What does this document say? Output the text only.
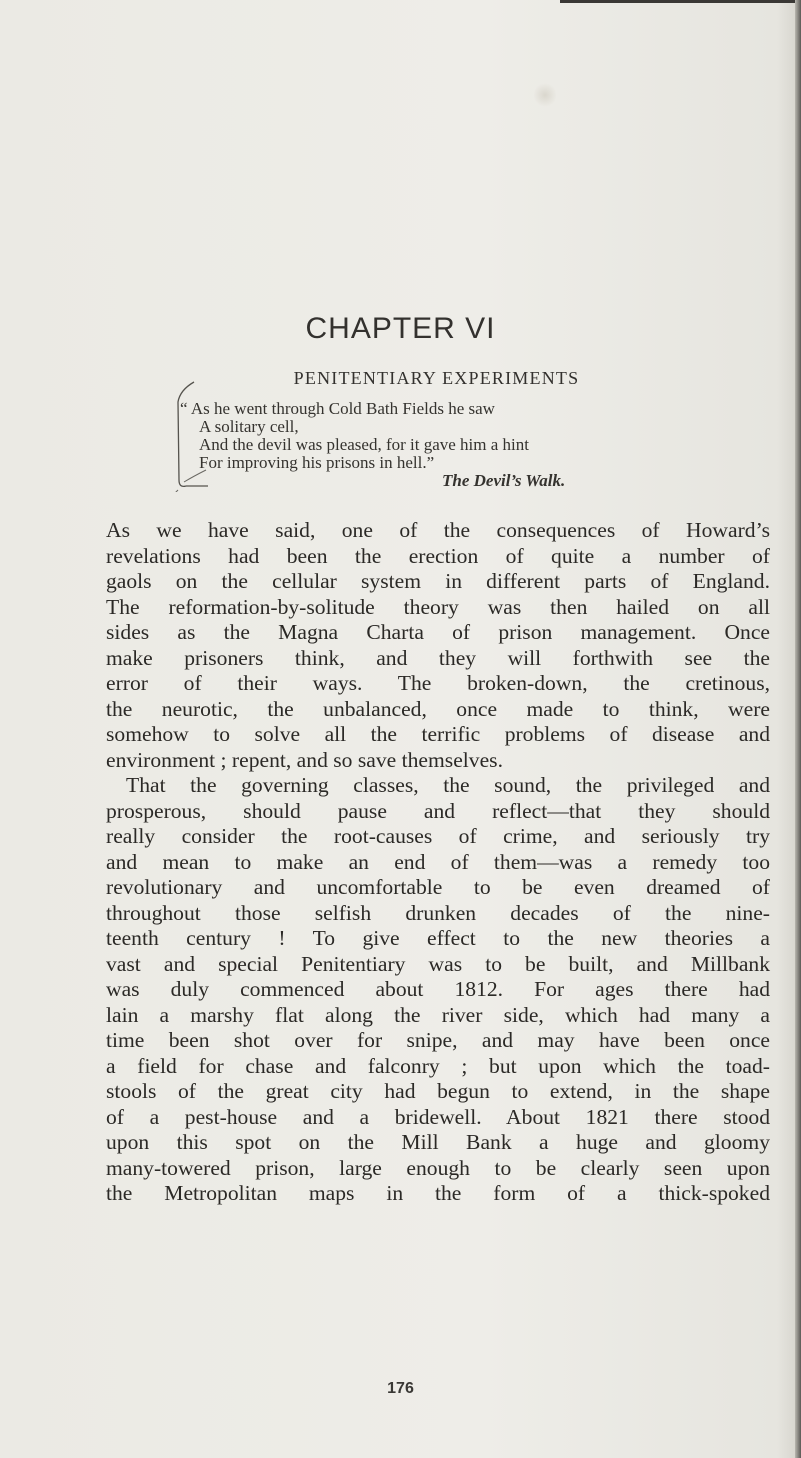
CHAPTER VI
PENITENTIARY EXPERIMENTS
“ As he went through Cold Bath Fields he saw
A solitary cell,
And the devil was pleased, for it gave him a hint
For improving his prisons in hell.”
The Devil’s Walk.
As we have said, one of the consequences of Howard’s
revelations had been the erection of quite a number of
gaols on the cellular system in different parts of England.
The reformation-by-solitude theory was then hailed on all
sides as the Magna Charta of prison management. Once
make prisoners think, and they will forthwith see the
error of their ways. The broken-down, the cretinous,
the neurotic, the unbalanced, once made to think, were
somehow to solve all the terrific problems of disease and
environment ; repent, and so save themselves.
That the governing classes, the sound, the privileged and
prosperous, should pause and reflect—that they should
really consider the root-causes of crime, and seriously try
and mean to make an end of them—was a remedy too
revolutionary and uncomfortable to be even dreamed of
throughout those selfish drunken decades of the nine-
teenth century ! To give effect to the new theories a
vast and special Penitentiary was to be built, and Millbank
was duly commenced about 1812. For ages there had
lain a marshy flat along the river side, which had many a
time been shot over for snipe, and may have been once
a field for chase and falconry ; but upon which the toad-
stools of the great city had begun to extend, in the shape
of a pest-house and a bridewell. About 1821 there stood
upon this spot on the Mill Bank a huge and gloomy
many-towered prison, large enough to be clearly seen upon
the Metropolitan maps in the form of a thick-spoked
176
